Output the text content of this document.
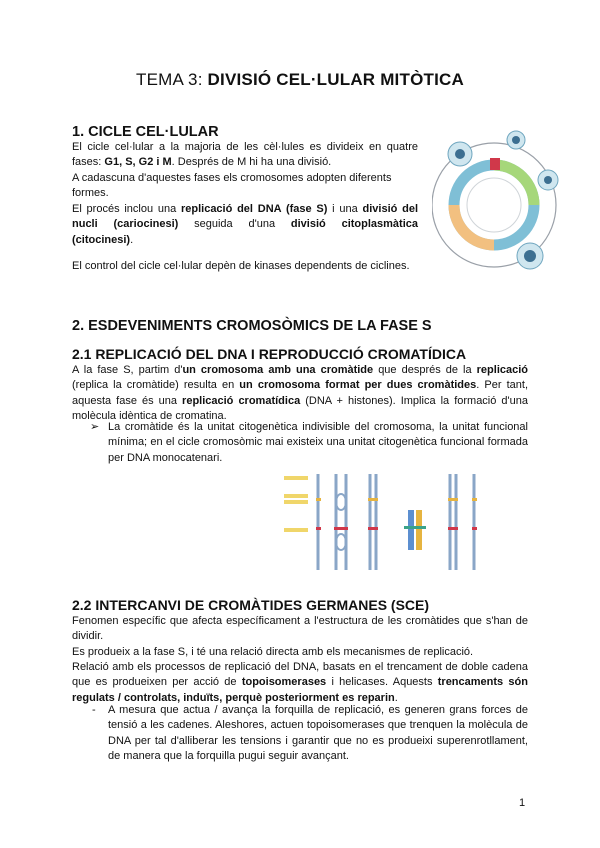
TEMA 3: DIVISIÓ CEL·LULAR MITÒTICA
1. CICLE CEL·LULAR
El cicle cel·lular a la majoria de les cèl·lules es divideix en quatre fases: G1, S, G2 i M. Després de M hi ha una divisió.
A cadascuna d'aquestes fases els cromosomes adopten diferents formes.
El procés inclou una replicació del DNA (fase S) i una divisió del nucli (cariocinesi) seguida d'una divisió citoplasmàtica (citocinesi).
El control del cicle cel·lular depèn de kinases dependents de ciclines.
2. ESDEVENIMENTS CROMOSÒMICS DE LA FASE S
2.1 REPLICACIÓ DEL DNA I REPRODUCCIÓ CROMATÍDICA
A la fase S, partim d'un cromosoma amb una cromàtide que després de la replicació (replica la cromàtide) resulta en un cromosoma format per dues cromàtides. Per tant, aquesta fase és una replicació cromatídica (DNA + histones). Implica la formació d'una molècula idèntica de cromatina.
➢ La cromàtide és la unitat citogenètica indivisible del cromosoma, la unitat funcional mínima; en el cicle cromosòmic mai existeix una unitat citogenètica funcional formada per DNA monocatenari.
2.2 INTERCANVI DE CROMÀTIDES GERMANES (SCE)
Fenomen específic que afecta específicament a l'estructura de les cromàtides que s'han de dividir.
Es produeix a la fase S, i té una relació directa amb els mecanismes de replicació.
Relació amb els processos de replicació del DNA, basats en el trencament de doble cadena que es produeixen per acció de topoisomerases i helicases. Aquests trencaments són regulats / controlats, induïts, perquè posteriorment es reparin.
- A mesura que actua / avança la forquilla de replicació, es generen grans forces de tensió a les cadenes. Aleshores, actuen topoisomerases que trenquen la molècula de DNA per tal d'alliberar les tensions i garantir que no es produeixi superenrotllament, de manera que la forquilla pugui seguir avançant.
1
